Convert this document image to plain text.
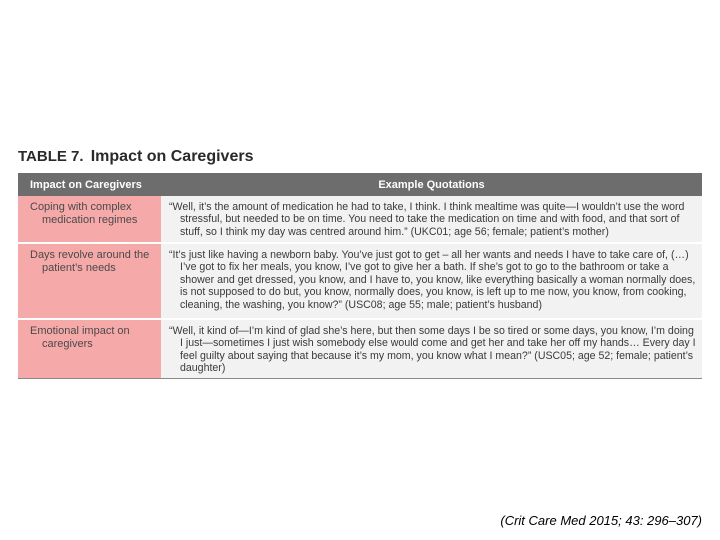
TABLE 7. Impact on Caregivers
Impact on Caregivers	Example Quotations
Coping with complex medication regimes
“Well, it’s the amount of medication he had to take, I think. I think mealtime was quite—I wouldn’t use the word stressful, but needed to be on time. You need to take the medication on time and with food, and that sort of stuff, so I think my day was centred around him.” (UKC01; age 56; female; patient’s mother)
Days revolve around the patient’s needs
“It’s just like having a newborn baby. You’ve just got to get – all her wants and needs I have to take care of, (…) I’ve got to fix her meals, you know, I’ve got to give her a bath. If she’s got to go to the bathroom or take a shower and get dressed, you know, and I have to, you know, like everything basically a woman normally does, is not supposed to do but, you know, normally does, you know, is left up to me now, you know, from cooking, cleaning, the washing, you know?” (USC08; age 55; male; patient’s husband)
Emotional impact on caregivers
“Well, it kind of—I’m kind of glad she’s here, but then some days I be so tired or some days, you know, I’m doing I just—sometimes I just wish somebody else would come and get her and take her off my hands… Every day I feel guilty about saying that because it’s my mom, you know what I mean?” (USC05; age 52; female; patient’s daughter)
(Crit Care Med 2015; 43: 296–307)
